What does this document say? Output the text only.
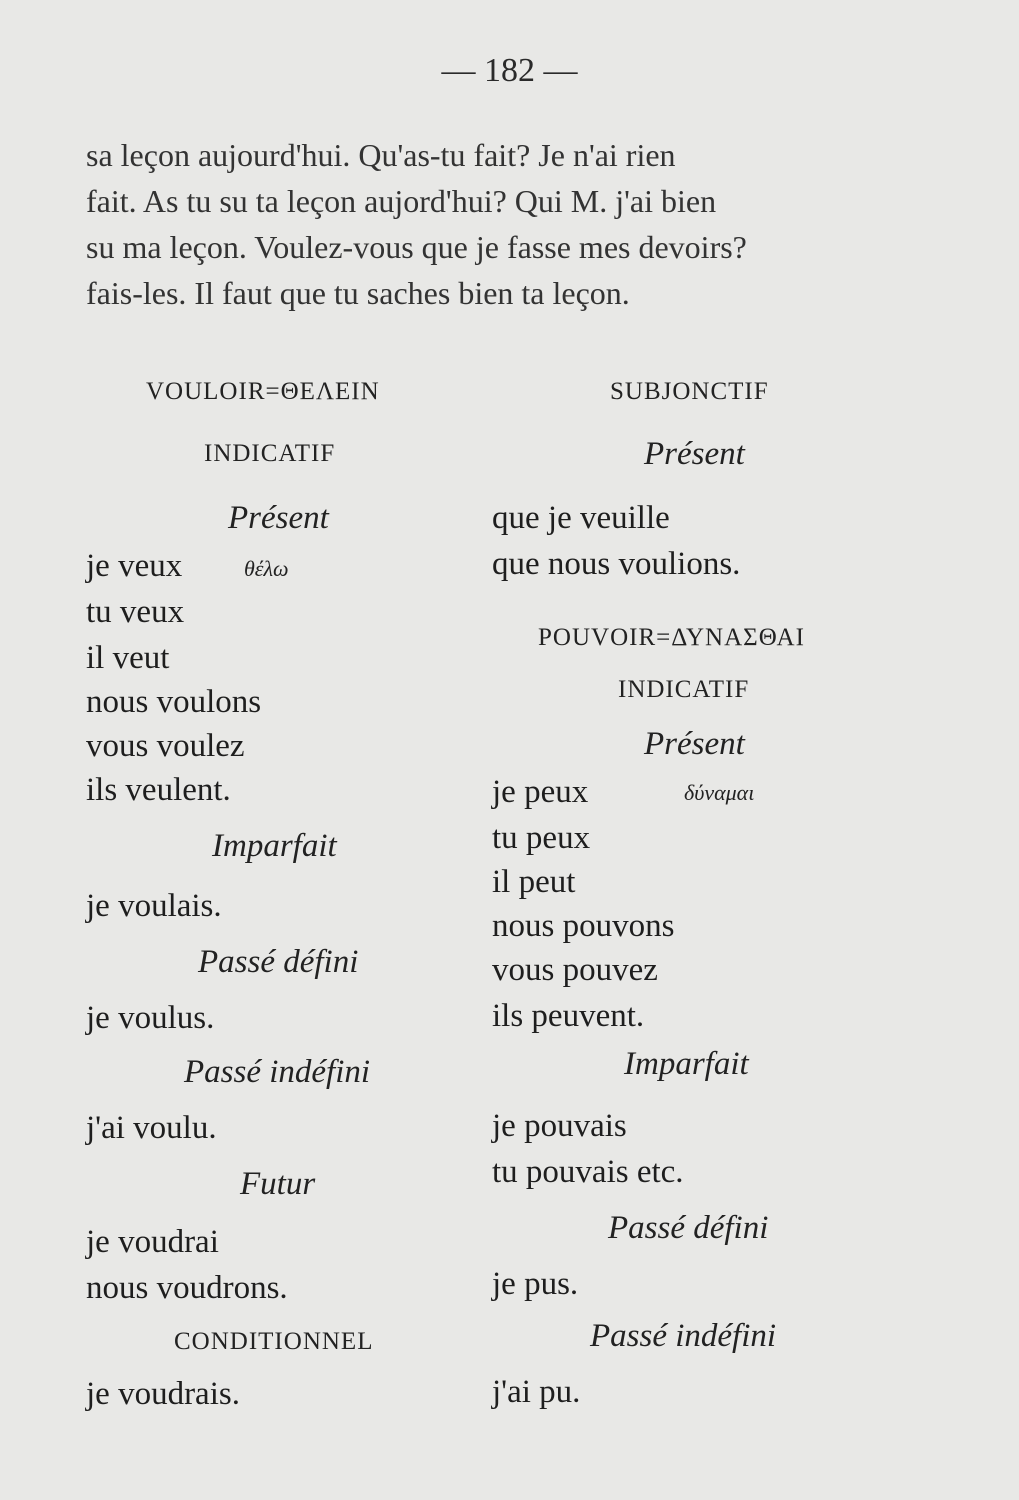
— 182 —
sa leçon aujourd'hui. Qu'as-tu fait? Je n'ai rien
fait. As tu su ta leçon aujord'hui? Qui M. j'ai bien
su ma leçon. Voulez-vous que je fasse mes devoirs?
fais-les. Il faut que tu saches bien ta leçon.
VOULOIR=ΘΕΛΕΙΝ
INDICATIF
Présent
je veux	θέλω
tu veux
il veut
nous voulons
vous voulez
ils veulent.
Imparfait
je voulais.
Passé défini
je voulus.
Passé indéfini
j'ai voulu.
Futur
je voudrai
nous voudrons.
CONDITIONNEL
je voudrais.
SUBJONCTIF
Présent
que je veuille
que nous voulions.
POUVOIR=ΔΥΝΑΣΘΑΙ
INDICATIF
Présent
je peux	δύναμαι
tu peux
il peut
nous pouvons
vous pouvez
ils peuvent.
Imparfait
je pouvais
tu pouvais etc.
Passé défini
je pus.
Passé indéfini
j'ai pu.
